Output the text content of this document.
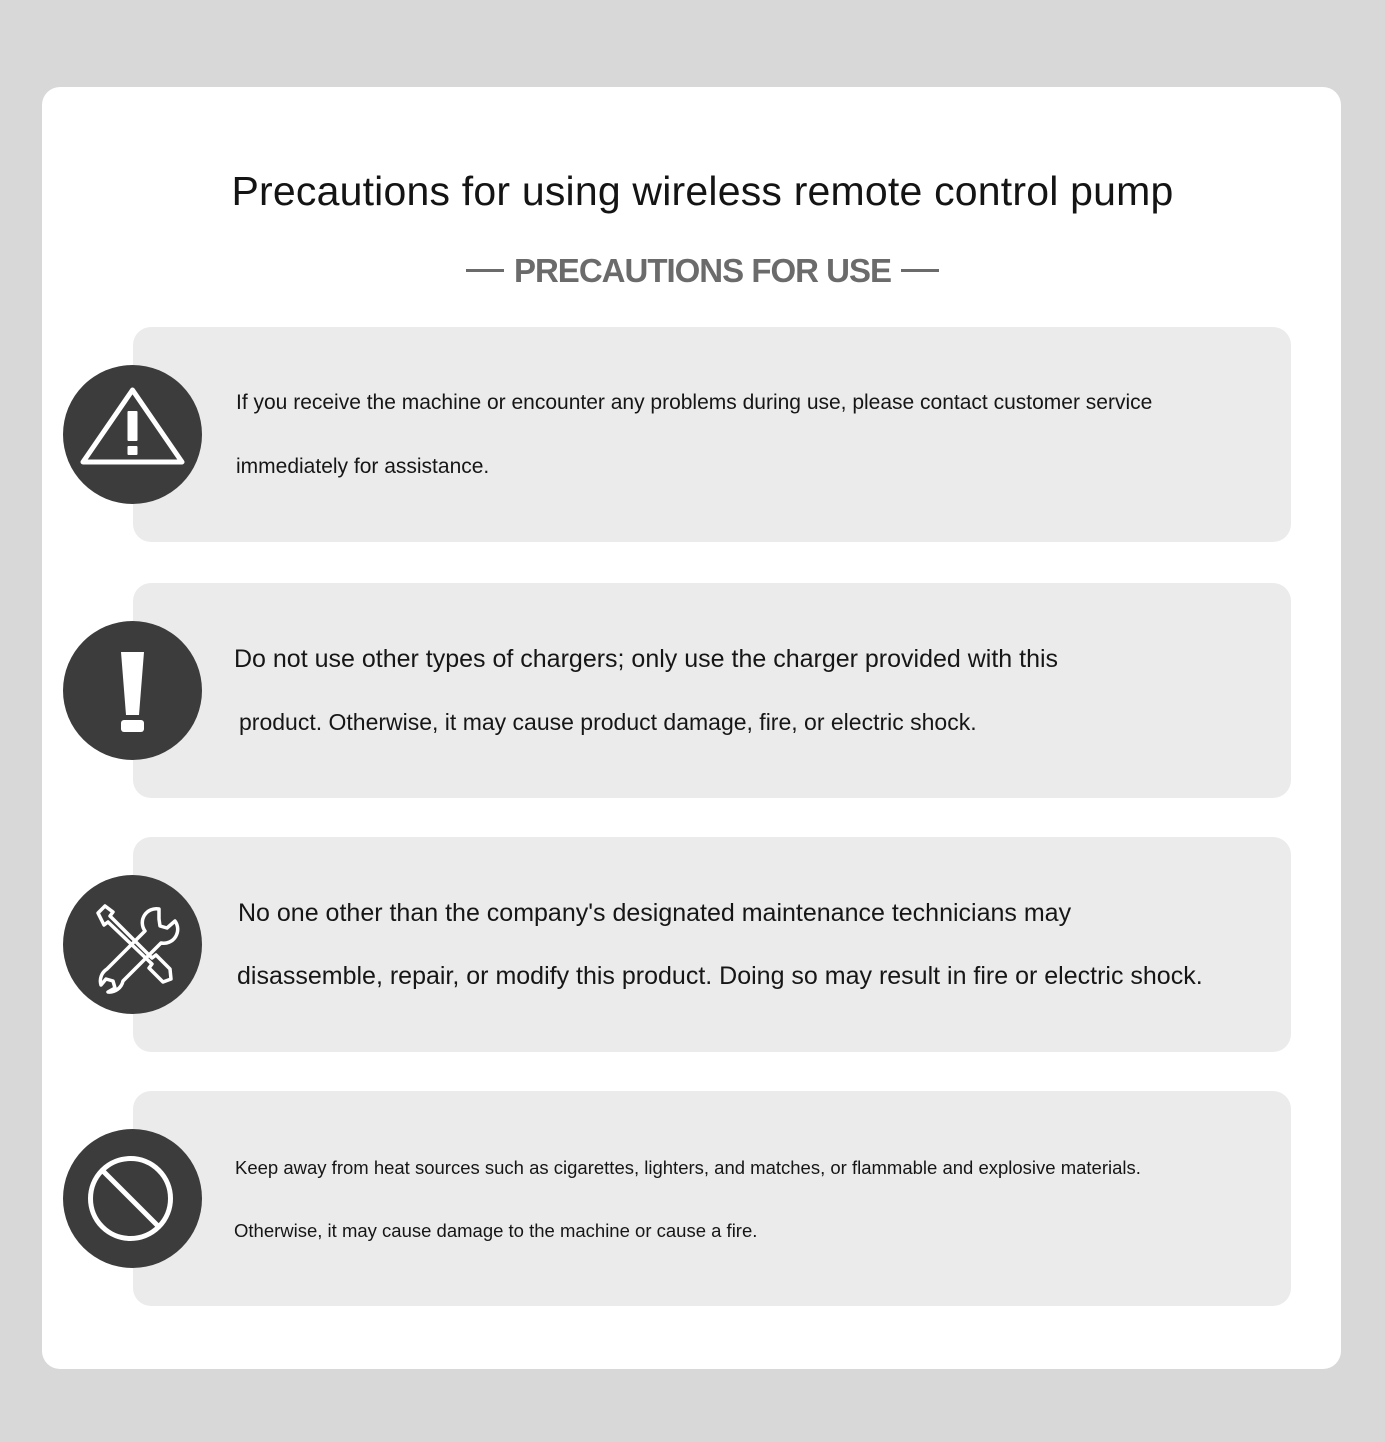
Precautions for using wireless remote control pump
PRECAUTIONS FOR USE
If you receive the machine or encounter any problems during use, please contact customer service
immediately for assistance.
Do not use other types of chargers; only use the charger provided with this
product. Otherwise, it may cause product damage, fire, or electric shock.
No one other than the company's designated maintenance technicians may
disassemble, repair, or modify this product. Doing so may result in fire or electric shock.
Keep away from heat sources such as cigarettes, lighters, and matches, or flammable and explosive materials.
Otherwise, it may cause damage to the machine or cause a fire.
